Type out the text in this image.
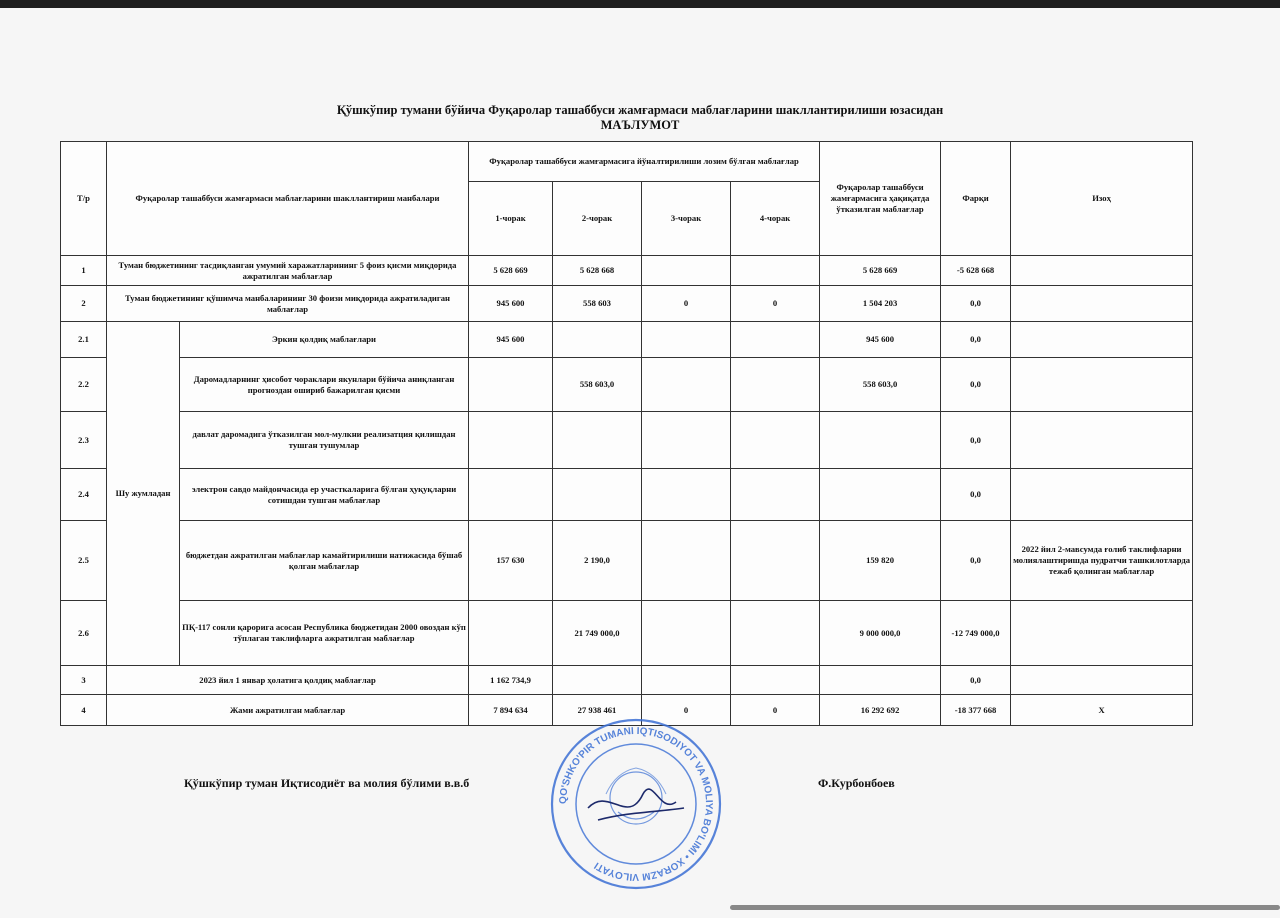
Қўшкўпир тумани бўйича Фуқаролар ташаббуси жамғармаси маблағларини шакллантирилиши юзасидан
МАЪЛУМОТ
Т/р	Фуқаролар ташаббуси жамғармаси маблағларини шакллантириш манбалари		Фуқаролар ташаббуси жамғармасига йўналтирилиши лозим бўлган маблағлар				Фуқаролар ташаббуси жамғармасига ҳақиқатда ўтказилган маблағлар	Фарқи	Изоҳ
			1-чорак	2-чорак	3-чорак	4-чорак			
1	Туман бюджетининг тасдиқланган умумий харажатларининг 5 фоиз қисми миқдорида ажратилган маблағлар		5 628 669	5 628 668			5 628 669	-5 628 668	
2	Туман бюджетининг қўшимча манбаларининг 30 фоизи миқдорида ажратиладиган маблағлар		945 600	558 603	0	0	1 504 203	0,0	
2.1	Шу жумладан	Эркин қолдиқ маблағлари	945 600				945 600	0,0	
2.2		Даромадларнинг ҳисобот чораклари якунлари бўйича аниқланган прогноздан ошириб бажарилган қисми		558 603,0			558 603,0	0,0	
2.3		давлат даромадига ўтказилган мол-мулкни реализатция қилишдан тушган тушумлар						0,0	
2.4		электрон савдо майдончасида ер участкаларига бўлган ҳуқуқларни сотишдан тушган маблағлар						0,0	
2.5		бюджетдан ажратилган маблағлар камайтирилиши натижасида бўшаб қолган маблағлар	157 630	2 190,0			159 820	0,0	2022 йил 2-мавсумда ғолиб таклифларни молиялаштиришда пудратчи ташкилотларда тежаб қолинган маблағлар
2.6		ПҚ-117 сонли қарорига асосан Республика бюджетидан 2000 овоздан кўп тўплаган таклифларга ажратилган маблағлар		21 749 000,0			9 000 000,0	-12 749 000,0	
3	2023 йил 1 январ ҳолатига қолдиқ маблағлар		1 162 734,9					0,0	
4	Жами ажратилган маблағлар		7 894 634	27 938 461	0	0	16 292 692	-18 377 668	Х
Қўшкўпир туман Иқтисодиёт ва молия бўлими в.в.б	Ф.Курбонбоев
QO'SHKO'PIR TUMANI IQTISODIYOT VA MOLIYA BO'LIMI • XORAZM VILOYATI
